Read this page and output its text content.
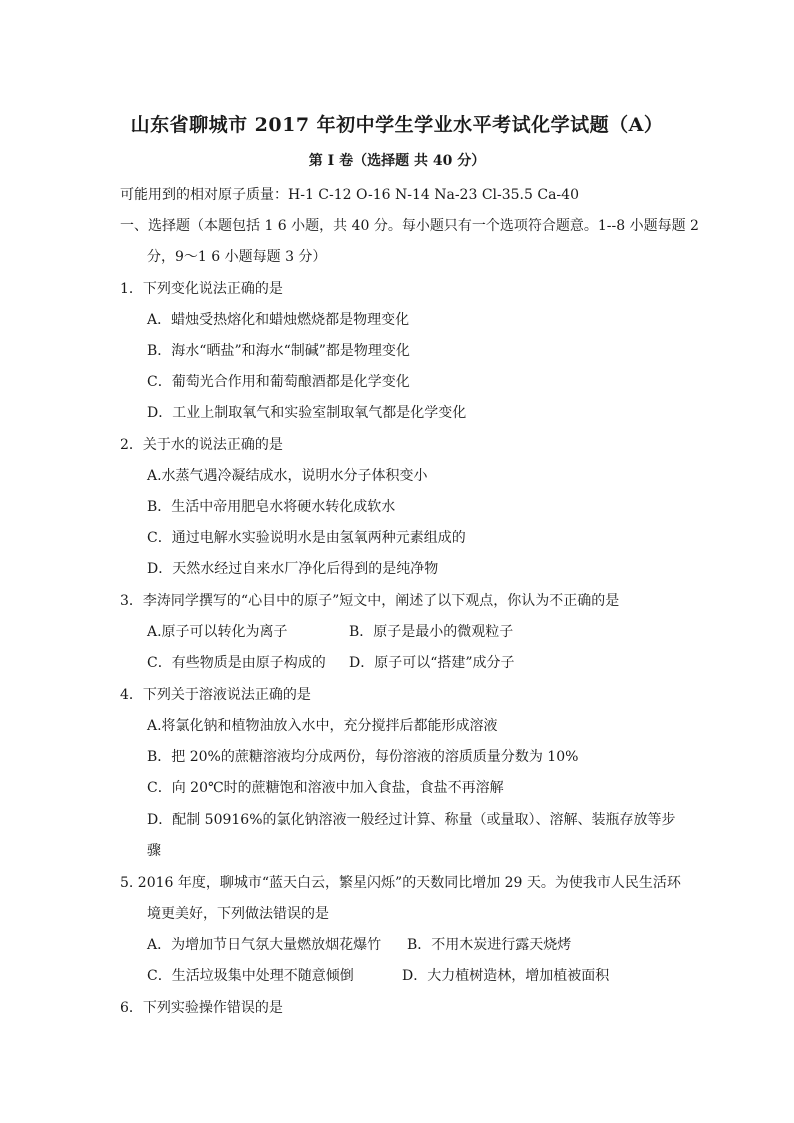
山东省聊城市 2017 年初中学生学业水平考试化学试题（A）
第 I 卷（选择题 共 40 分）
可能用到的相对原子质量：H-1 C-12 O-16 N-14 Na-23 Cl-35.5 Ca-40
一、选择题（本题包括 1 6 小题，共 40 分。每小题只有一个选项符合题意。1--8 小题每题 2
分，9～1 6 小题每题 3 分）
1．下列变化说法正确的是
A．蜡烛受热熔化和蜡烛燃烧都是物理变化
B．海水“晒盐”和海水“制碱”都是物理变化
C．葡萄光合作用和葡萄酿酒都是化学变化
D．工业上制取氧气和实验室制取氧气都是化学变化
2．关于水的说法正确的是
A.水蒸气遇冷凝结成水，说明水分子体积变小
B．生活中帝用肥皂水将硬水转化成软水
C．通过电解水实验说明水是由氢氧两种元素组成的
D．天然水经过自来水厂净化后得到的是纯净物
3．李涛同学撰写的“心目中的原子”短文中，阐述了以下观点，你认为不正确的是
A.原子可以转化为离子	B．原子是最小的微观粒子
C．有些物质是由原子构成的 D．原子可以“搭建”成分子
4．下列关于溶液说法正确的是
A.将氯化钠和植物油放入水中，充分搅拌后都能形成溶液
B．把 20%的蔗糖溶液均分成两份，每份溶液的溶质质量分数为 10%
C．向 20℃时的蔗糖饱和溶液中加入食盐，食盐不再溶解
D．配制 50916%的氯化钠溶液一般经过计算、称量（或量取）、溶解、装瓶存放等步
骤
5. 2016 年度，聊城市“蓝天白云，繁星闪烁”的天数同比增加 29 天。为使我市人民生活环
境更美好，下列做法错误的是
A．为增加节日气氛大量燃放烟花爆竹 B．不用木炭进行露天烧烤
C．生活垃圾集中处理不随意倾倒	D．大力植树造林，增加植被面积
6．下列实验操作错误的是
